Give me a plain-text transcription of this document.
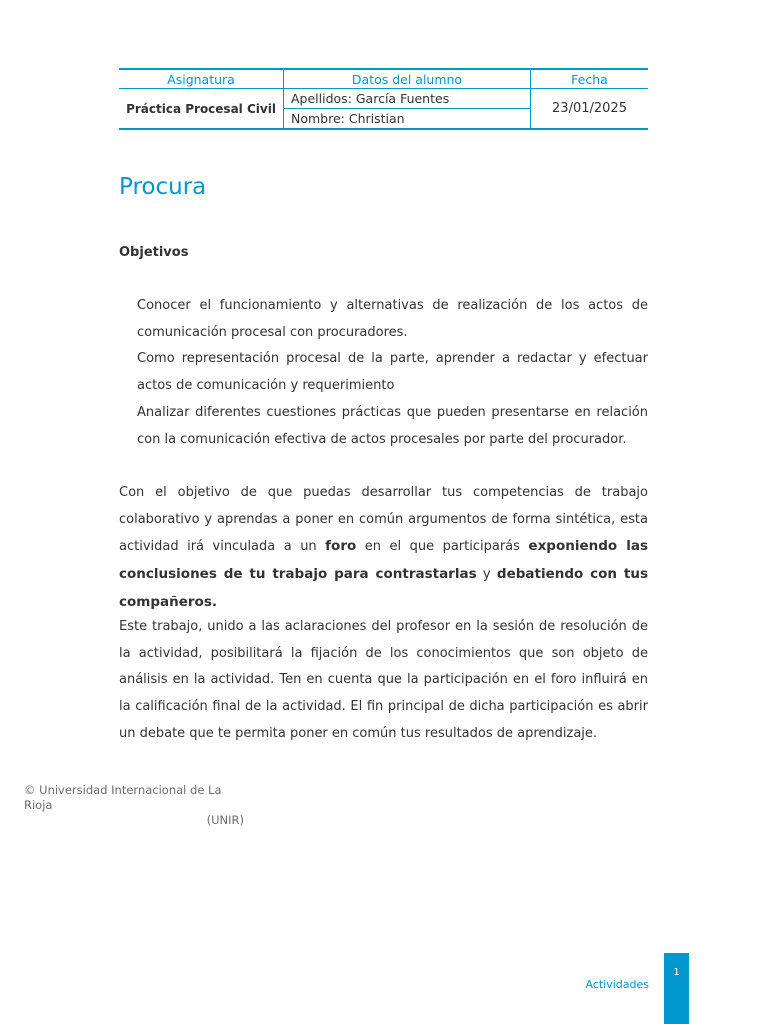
Asignatura	Datos del alumno	Fecha
Práctica Procesal Civil	Apellidos: García Fuentes	23/01/2025
	Nombre: Christian	
Procura
Objetivos
Conocer el funcionamiento y alternativas de realización de los actos de comunicación procesal con procuradores.
Como representación procesal de la parte, aprender a redactar y efectuar actos de comunicación y requerimiento
Analizar diferentes cuestiones prácticas que pueden presentarse en relación con la comunicación efectiva de actos procesales por parte del procurador.

Con el objetivo de que puedas desarrollar tus competencias de trabajo colaborativo y aprendas a poner en común argumentos de forma sintética, esta actividad irá vinculada a un foro en el que participarás exponiendo las conclusiones de tu trabajo para contrastarlas y debatiendo con tus compañeros.

Este trabajo, unido a las aclaraciones del profesor en la sesión de resolución de la actividad, posibilitará la fijación de los conocimientos que son objeto de análisis en la actividad. Ten en cuenta que la participación en el foro influirá en la calificación final de la actividad. El fin principal de dicha participación es abrir un debate que te permita poner en común tus resultados de aprendizaje.

© Universidad Internacional de La Rioja
(UNIR)
Actividades
1
